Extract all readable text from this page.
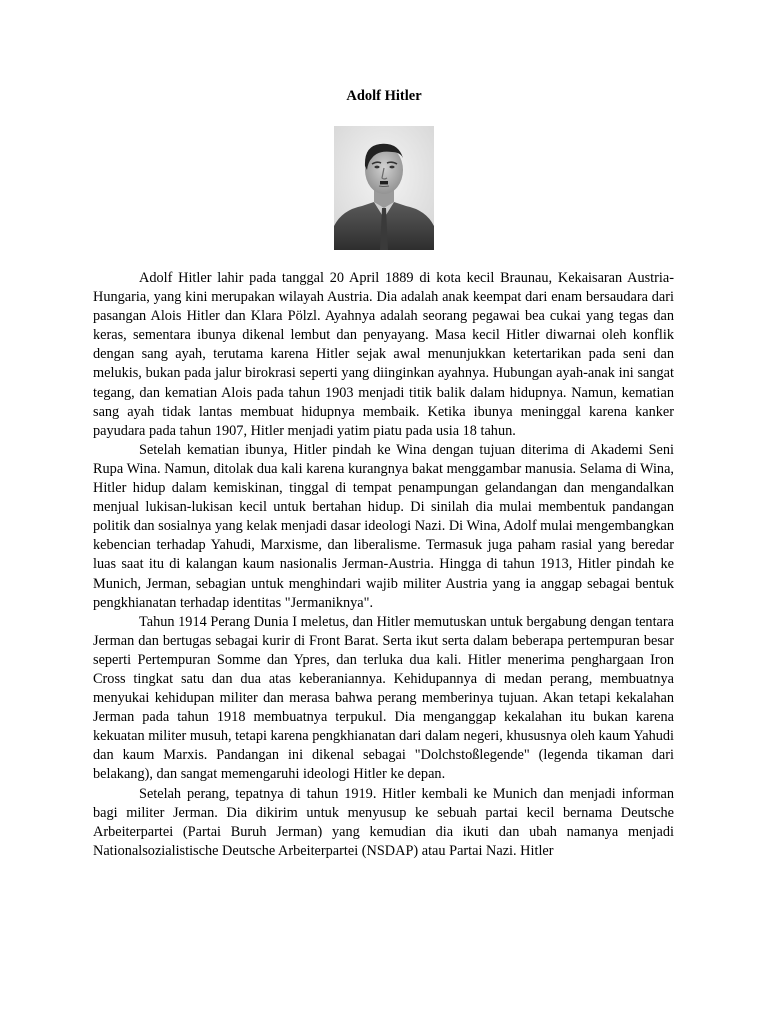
Adolf Hitler

Adolf Hitler lahir pada tanggal 20 April 1889 di kota kecil Braunau, Kekaisaran Austria-Hungaria, yang kini merupakan wilayah Austria. Dia adalah anak keempat dari enam bersaudara dari pasangan Alois Hitler dan Klara Pölzl. Ayahnya adalah seorang pegawai bea cukai yang tegas dan keras, sementara ibunya dikenal lembut dan penyayang. Masa kecil Hitler diwarnai oleh konflik dengan sang ayah, terutama karena Hitler sejak awal menunjukkan ketertarikan pada seni dan melukis, bukan pada jalur birokrasi seperti yang diinginkan ayahnya. Hubungan ayah-anak ini sangat tegang, dan kematian Alois pada tahun 1903 menjadi titik balik dalam hidupnya. Namun, kematian sang ayah tidak lantas membuat hidupnya membaik. Ketika ibunya meninggal karena kanker payudara pada tahun 1907, Hitler menjadi yatim piatu pada usia 18 tahun.

Setelah kematian ibunya, Hitler pindah ke Wina dengan tujuan diterima di Akademi Seni Rupa Wina. Namun, ditolak dua kali karena kurangnya bakat menggambar manusia. Selama di Wina, Hitler hidup dalam kemiskinan, tinggal di tempat penampungan gelandangan dan mengandalkan menjual lukisan-lukisan kecil untuk bertahan hidup. Di sinilah dia mulai membentuk pandangan politik dan sosialnya yang kelak menjadi dasar ideologi Nazi. Di Wina, Adolf mulai mengembangkan kebencian terhadap Yahudi, Marxisme, dan liberalisme. Termasuk juga paham rasial yang beredar luas saat itu di kalangan kaum nasionalis Jerman-Austria. Hingga di tahun 1913, Hitler pindah ke Munich, Jerman, sebagian untuk menghindari wajib militer Austria yang ia anggap sebagai bentuk pengkhianatan terhadap identitas "Jermaniknya".

Tahun 1914 Perang Dunia I meletus, dan Hitler memutuskan untuk bergabung dengan tentara Jerman dan bertugas sebagai kurir di Front Barat. Serta ikut serta dalam beberapa pertempuran besar seperti Pertempuran Somme dan Ypres, dan terluka dua kali. Hitler menerima penghargaan Iron Cross tingkat satu dan dua atas keberaniannya. Kehidupannya di medan perang, membuatnya menyukai kehidupan militer dan merasa bahwa perang memberinya tujuan. Akan tetapi kekalahan Jerman pada tahun 1918 membuatnya terpukul. Dia menganggap kekalahan itu bukan karena kekuatan militer musuh, tetapi karena pengkhianatan dari dalam negeri, khususnya oleh kaum Yahudi dan kaum Marxis. Pandangan ini dikenal sebagai "Dolchstoßlegende" (legenda tikaman dari belakang), dan sangat memengaruhi ideologi Hitler ke depan.

Setelah perang, tepatnya di tahun 1919. Hitler kembali ke Munich dan menjadi informan bagi militer Jerman. Dia dikirim untuk menyusup ke sebuah partai kecil bernama Deutsche Arbeiterpartei (Partai Buruh Jerman) yang kemudian dia ikuti dan ubah namanya menjadi Nationalsozialistische Deutsche Arbeiterpartei (NSDAP) atau Partai Nazi. Hitler
